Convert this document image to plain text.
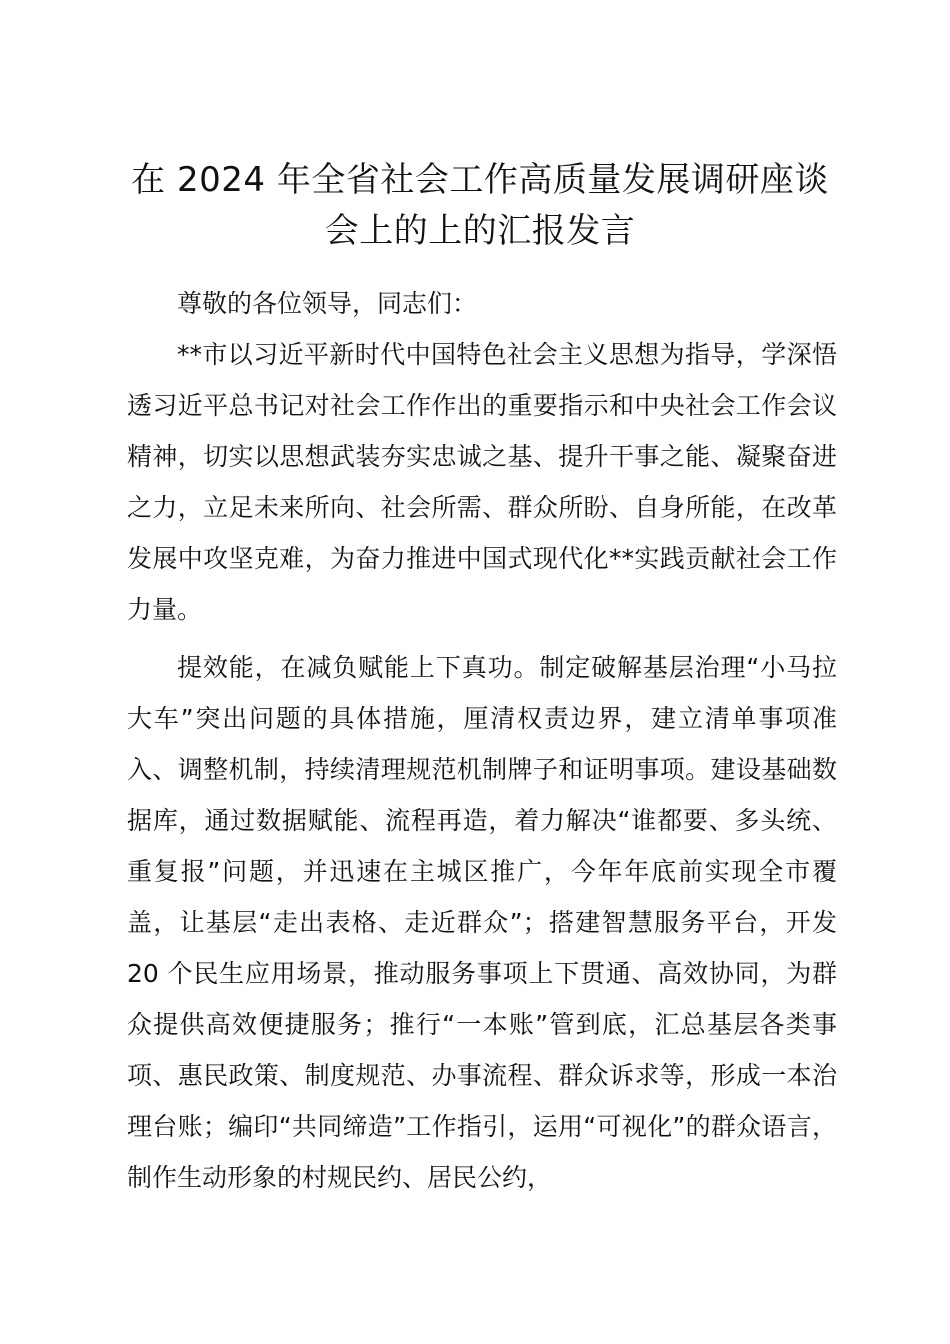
在 2024 年全省社会工作高质量发展调研座谈
会上的上的汇报发言

尊敬的各位领导，同志们：

**市以习近平新时代中国特色社会主义思想为指导，学深悟透习近平总书记对社会工作作出的重要指示和中央社会工作会议精神，切实以思想武装夯实忠诚之基、提升干事之能、凝聚奋进之力，立足未来所向、社会所需、群众所盼、自身所能，在改革发展中攻坚克难，为奋力推进中国式现代化**实践贡献社会工作力量。

提效能，在减负赋能上下真功。制定破解基层治理“小马拉大车”突出问题的具体措施，厘清权责边界，建立清单事项准入、调整机制，持续清理规范机制牌子和证明事项。建设基础数据库，通过数据赋能、流程再造，着力解决“谁都要、多头统、重复报”问题，并迅速在主城区推广，今年年底前实现全市覆盖，让基层“走出表格、走近群众”；搭建智慧服务平台，开发 20 个民生应用场景，推动服务事项上下贯通、高效协同，为群众提供高效便捷服务；推行“一本账”管到底，汇总基层各类事项、惠民政策、制度规范、办事流程、群众诉求等，形成一本治理台账；编印“共同缔造”工作指引，运用“可视化”的群众语言，制作生动形象的村规民约、居民公约，
